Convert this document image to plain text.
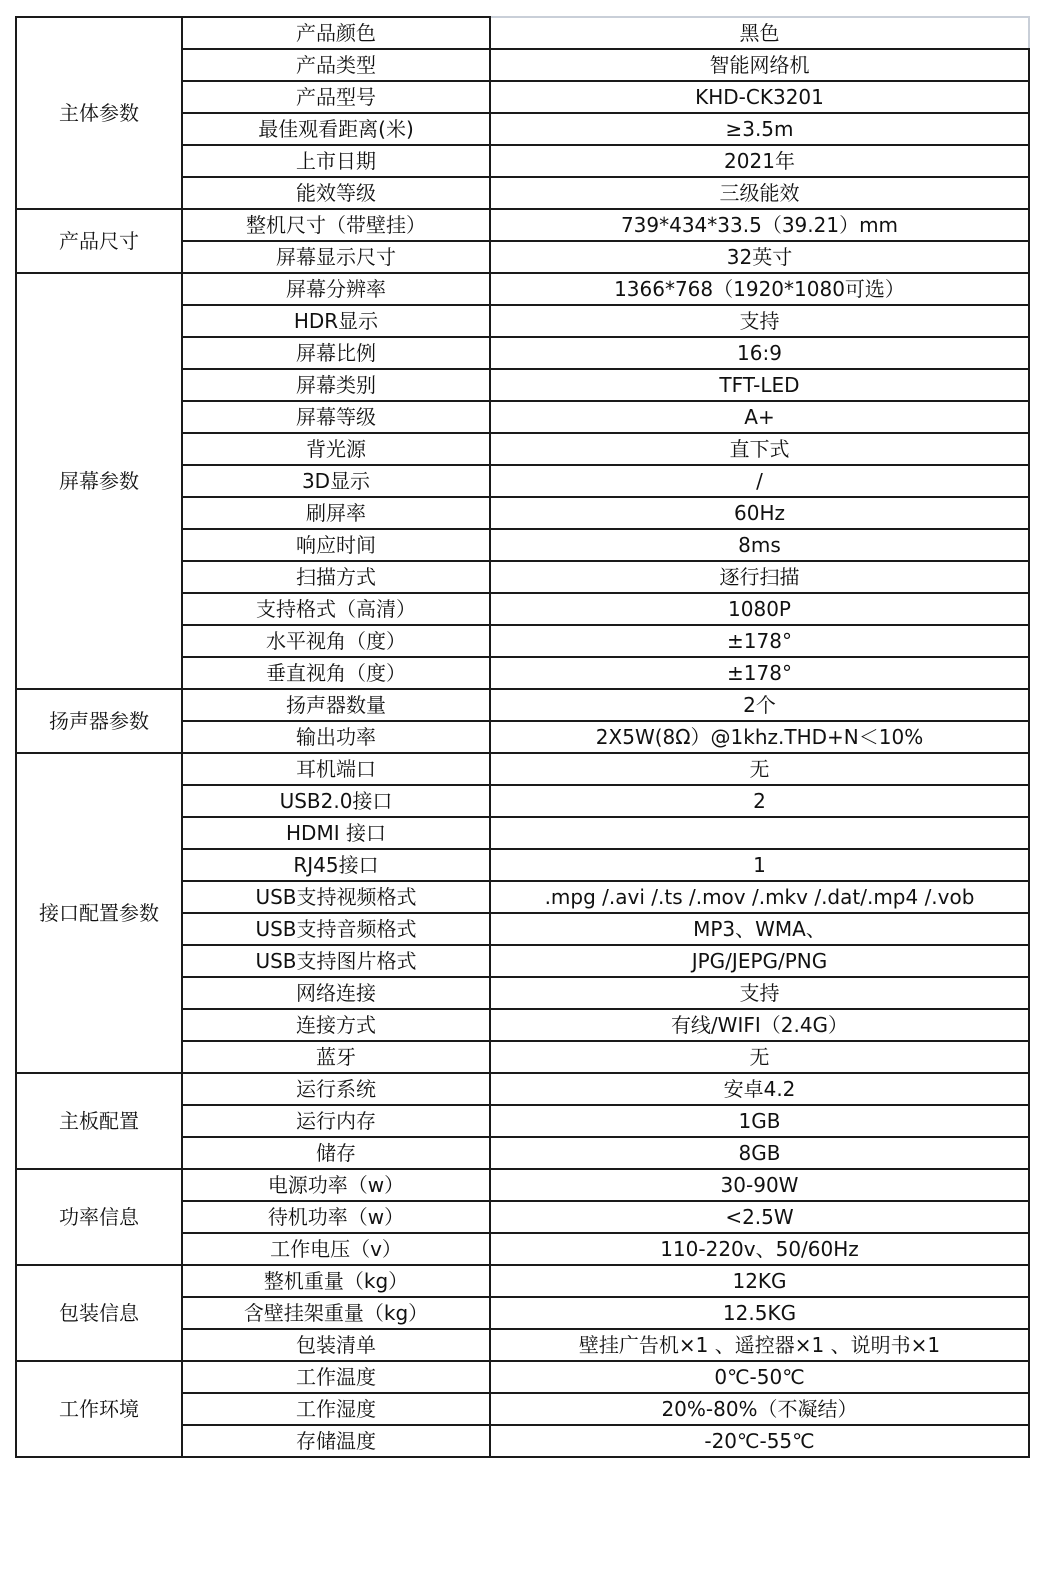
主体参数	产品颜色	黑色
	产品类型	智能网络机
	产品型号	KHD-CK3201
	最佳观看距离(米)	≥3.5m
	上市日期	2021年
	能效等级	三级能效
产品尺寸	整机尺寸（带壁挂）	739*434*33.5（39.21）mm
	屏幕显示尺寸	32英寸
屏幕参数	屏幕分辨率	1366*768（1920*1080可选）
	HDR显示	支持
	屏幕比例	16:9
	屏幕类别	TFT-LED
	屏幕等级	A+
	背光源	直下式
	3D显示	/
	刷屏率	60Hz
	响应时间	8ms
	扫描方式	逐行扫描
	支持格式（高清）	1080P
	水平视角（度）	±178°
	垂直视角（度）	±178°
扬声器参数	扬声器数量	2个
	输出功率	2X5W(8Ω）@1khz.THD+N＜10%
接口配置参数	耳机端口	无
	USB2.0接口	2
	HDMI 接口	
	RJ45接口	1
	USB支持视频格式	.mpg /.avi /.ts /.mov /.mkv /.dat/.mp4 /.vob
	USB支持音频格式	MP3、WMA、
	USB支持图片格式	JPG/JEPG/PNG
	网络连接	支持
	连接方式	有线/WIFI（2.4G）
	蓝牙	无
主板配置	运行系统	安卓4.2
	运行内存	1GB
	储存	8GB
功率信息	电源功率（w）	30-90W
	待机功率（w）	<2.5W
	工作电压（v）	110-220v、50/60Hz
包装信息	整机重量（kg）	12KG
	含壁挂架重量（kg）	12.5KG
	包装清单	壁挂广告机×1 、遥控器×1 、说明书×1
工作环境	工作温度	0℃-50℃
	工作湿度	20%-80%（不凝结）
	存储温度	-20℃-55℃
